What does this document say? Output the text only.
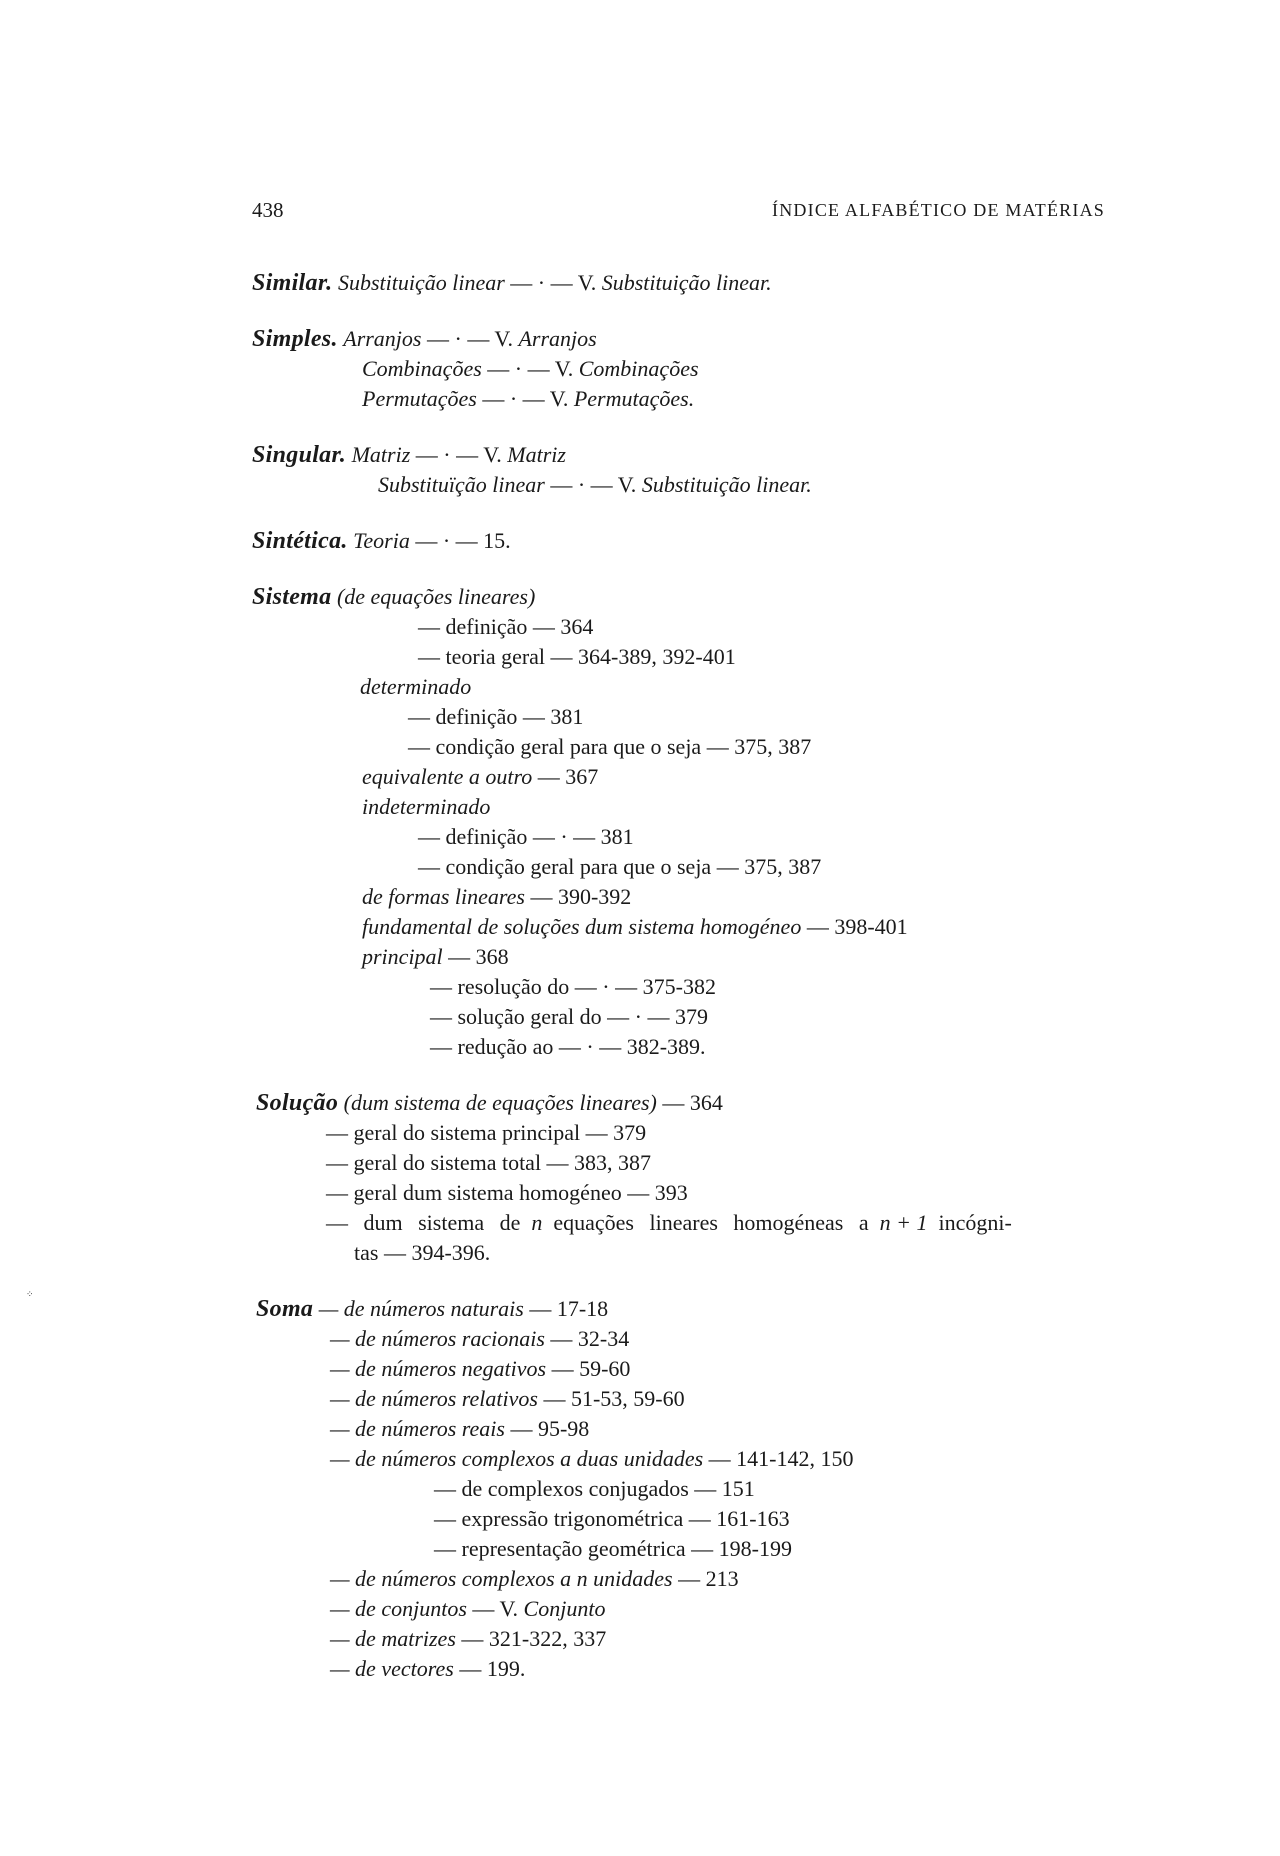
438	ÍNDICE ALFABÉTICO DE MATÉRIAS
⁘
Similar. Substituição linear — · — V. Substituição linear.
Simples. Arranjos — · — V. Arranjos
Combinações — · — V. Combinações
Permutações — · — V. Permutações.
Singular. Matriz — · — V. Matriz
Substituïção linear — · — V. Substituição linear.
Sintética. Teoria — · — 15.
Sistema (de equações lineares)
— definição — 364
— teoria geral — 364-389, 392-401
determinado
— definição — 381
— condição geral para que o seja — 375, 387
equivalente a outro — 367
indeterminado
— definição — · — 381
— condição geral para que o seja — 375, 387
de formas lineares — 390-392
fundamental de soluções dum sistema homogéneo — 398-401
principal — 368
— resolução do — · — 375-382
— solução geral do — · — 379
— redução ao — · — 382-389.
Solução (dum sistema de equações lineares) — 364
— geral do sistema principal — 379
— geral do sistema total — 383, 387
— geral dum sistema homogéneo — 393
— dum sistema de n equações lineares homogéneas a n + 1 incógni-
tas — 394-396.
Soma — de números naturais — 17-18
— de números racionais — 32-34
— de números negativos — 59-60
— de números relativos — 51-53, 59-60
— de números reais — 95-98
— de números complexos a duas unidades — 141-142, 150
— de complexos conjugados — 151
— expressão trigonométrica — 161-163
— representação geométrica — 198-199
— de números complexos a n unidades — 213
— de conjuntos — V. Conjunto
— de matrizes — 321-322, 337
— de vectores — 199.
